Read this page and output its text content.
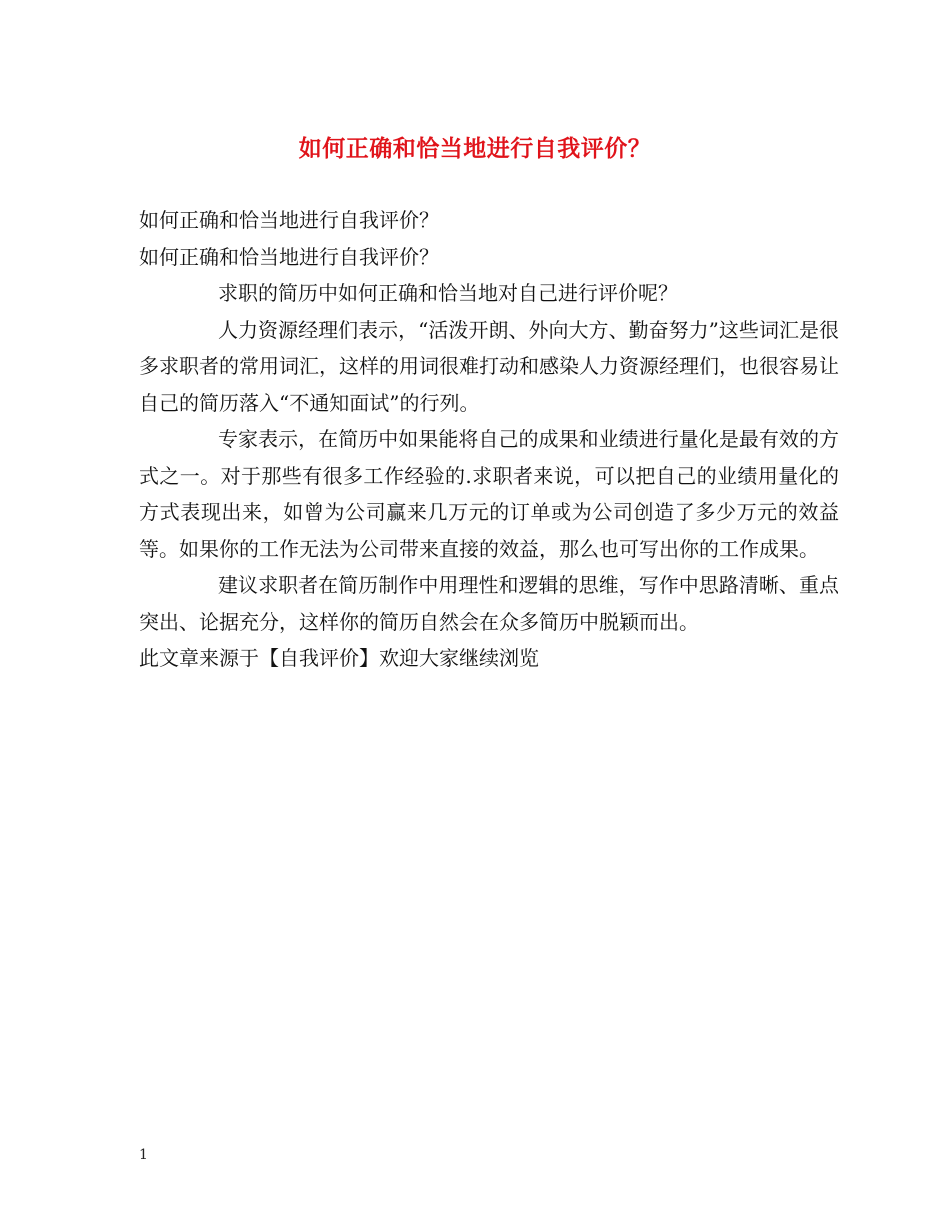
如何正确和恰当地进行自我评价？

如何正确和恰当地进行自我评价？

如何正确和恰当地进行自我评价？

求职的简历中如何正确和恰当地对自己进行评价呢？

人力资源经理们表示，“活泼开朗、外向大方、勤奋努力”这些词汇是很多求职者的常用词汇，这样的用词很难打动和感染人力资源经理们，也很容易让自己的简历落入“不通知面试”的行列。

专家表示，在简历中如果能将自己的成果和业绩进行量化是最有效的方式之一。对于那些有很多工作经验的.求职者来说，可以把自己的业绩用量化的方式表现出来，如曾为公司赢来几万元的订单或为公司创造了多少万元的效益等。如果你的工作无法为公司带来直接的效益，那么也可写出你的工作成果。

建议求职者在简历制作中用理性和逻辑的思维，写作中思路清晰、重点突出、论据充分，这样你的简历自然会在众多简历中脱颖而出。

此文章来源于【自我评价】欢迎大家继续浏览

1
